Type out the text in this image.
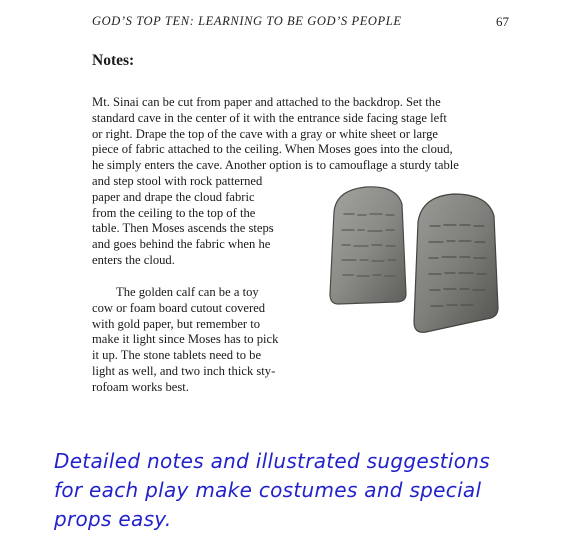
GOD’S TOP TEN: LEARNING TO BE GOD’S PEOPLE	67
Notes:

Mt. Sinai can be cut from paper and attached to the backdrop. Set the
standard cave in the center of it with the entrance side facing stage left
or right. Drape the top of the cave with a gray or white sheet or large
piece of fabric attached to the ceiling. When Moses goes into the cloud,
he simply enters the cave. Another option is to camouflage a sturdy table

and step stool with rock patterned
paper and drape the cloud fabric
from the ceiling to the top of the
table. Then Moses ascends the steps
and goes behind the fabric when he
enters the cloud.

The golden calf can be a toy
cow or foam board cutout covered
with gold paper, but remember to
make it light since Moses has to pick
it up. The stone tablets need to be
light as well, and two inch thick sty-
rofoam works best.

Detailed notes and illustrated suggestions
for each play make costumes and special
props easy.
